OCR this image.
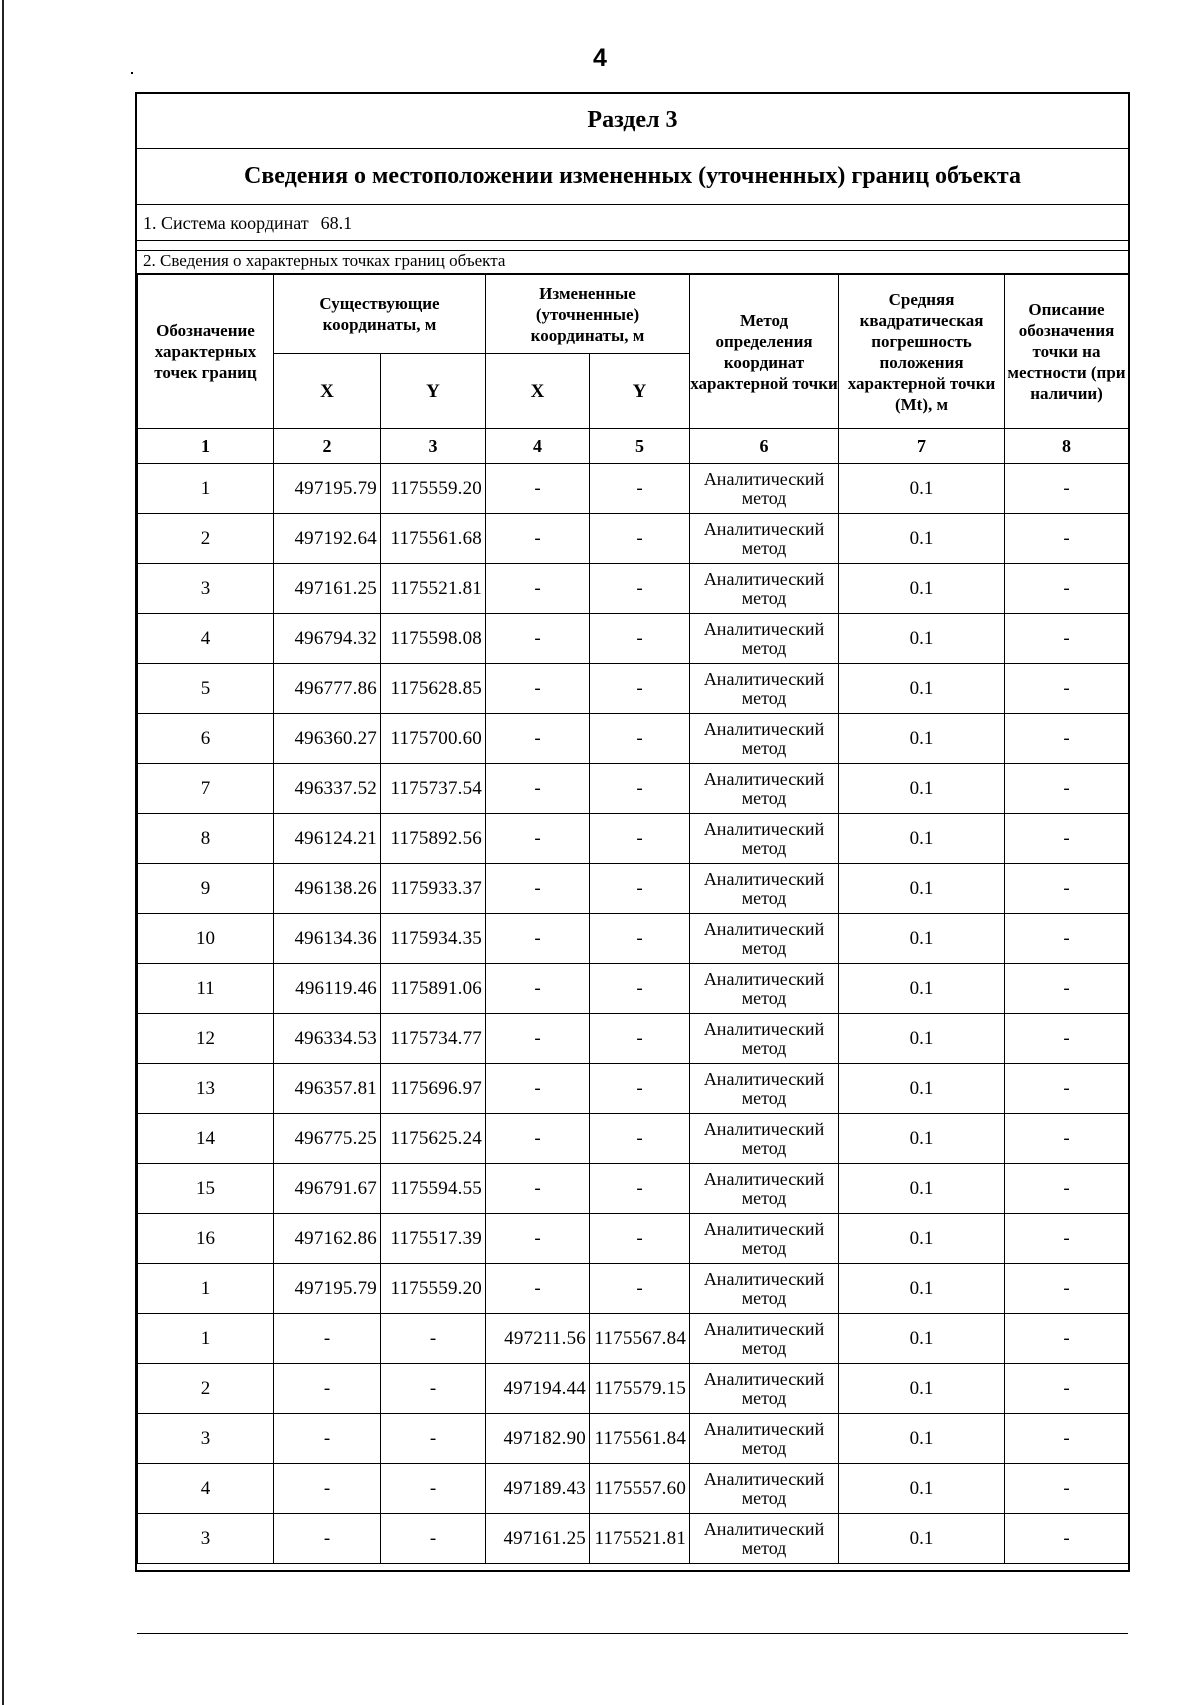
4
Раздел 3
Сведения о местоположении измененных (уточненных) границ объекта
1. Система координат 68.1
2. Сведения о характерных точках границ объекта
Обозначение характерных точек границ	Существующие координаты, м		Измененные (уточненные) координаты, м		Метод определения координат характерной точки	Средняя квадратическая погрешность положения характерной точки (Mt), м	Описание обозначения точки на местности (при наличии)
	X	Y	X	Y			
1	2	3	4	5	6	7	8
1	497195.79	1175559.20	-	-	Аналитический метод	0.1	-
2	497192.64	1175561.68	-	-	Аналитический метод	0.1	-
3	497161.25	1175521.81	-	-	Аналитический метод	0.1	-
4	496794.32	1175598.08	-	-	Аналитический метод	0.1	-
5	496777.86	1175628.85	-	-	Аналитический метод	0.1	-
6	496360.27	1175700.60	-	-	Аналитический метод	0.1	-
7	496337.52	1175737.54	-	-	Аналитический метод	0.1	-
8	496124.21	1175892.56	-	-	Аналитический метод	0.1	-
9	496138.26	1175933.37	-	-	Аналитический метод	0.1	-
10	496134.36	1175934.35	-	-	Аналитический метод	0.1	-
11	496119.46	1175891.06	-	-	Аналитический метод	0.1	-
12	496334.53	1175734.77	-	-	Аналитический метод	0.1	-
13	496357.81	1175696.97	-	-	Аналитический метод	0.1	-
14	496775.25	1175625.24	-	-	Аналитический метод	0.1	-
15	496791.67	1175594.55	-	-	Аналитический метод	0.1	-
16	497162.86	1175517.39	-	-	Аналитический метод	0.1	-
1	497195.79	1175559.20	-	-	Аналитический метод	0.1	-
1	-	-	497211.56	1175567.84	Аналитический метод	0.1	-
2	-	-	497194.44	1175579.15	Аналитический метод	0.1	-
3	-	-	497182.90	1175561.84	Аналитический метод	0.1	-
4	-	-	497189.43	1175557.60	Аналитический метод	0.1	-
3	-	-	497161.25	1175521.81	Аналитический метод	0.1	-
